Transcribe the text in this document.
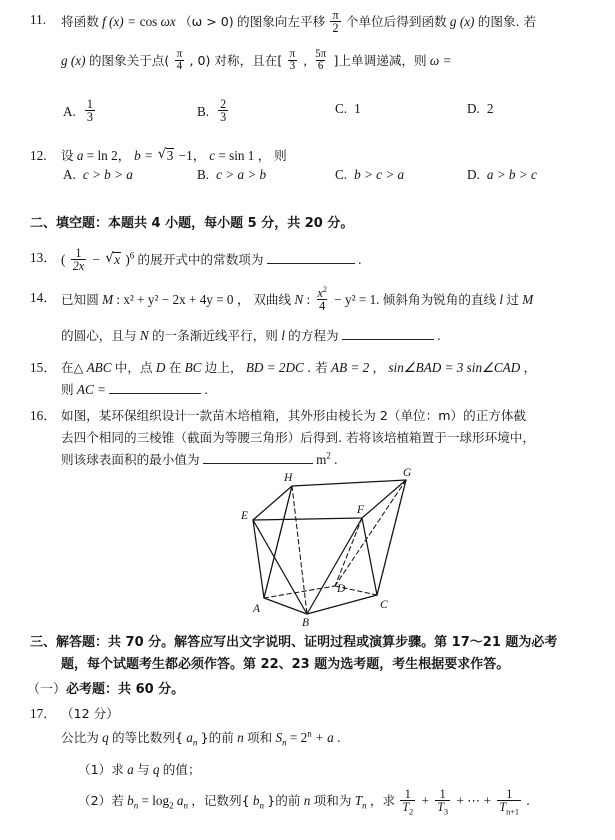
11.	将函数 f (x) = cos ωx （ω > 0) 的图象向左平移 $\frac{\pi}{2}$ 个单位后得到函数 g (x) 的图象. 若
g (x) 的图象关于点( $\frac{\pi}{4}$ , 0) 对称，且在[ $\frac{\pi}{3}$ , $\frac{5\pi}{6}$ ]上单调递减，则 ω =
A. $\frac{1}{3}$	B. $\frac{2}{3}$	C. 1	D. 2
12.	设 a = ln 2， b = √ 3 −1， c = sin 1 ， 则
A. c > b > a	B. c > a > b	C. b > c > a	D. a > b > c
二、填空题：本题共 4 小题，每小题 5 分，共 20 分。
13． ( $\frac{1}{2x}$ − √ x )$^6$ 的展开式中的常数项为	.
14． 已知圆 M : x² + y² − 2x + 4y = 0 ， 双曲线 N : $\frac{x^2}{4} - y^2 = 1$. 倾斜角为锐角的直线 l 过 M
的圆心，且与 N 的一条渐近线平行，则 l 的方程为	.
15． 在△ ABC 中，点 D 在 BC 边上， BD = 2DC . 若 AB = 2 ， sin∠BAD = 3 sin∠CAD ，
则 AC =	.
16． 如图，某环保组织设计一款苗木培植箱，其外形由棱长为 2（单位：m）的正方体截
去四个相同的三棱锥（截面为等腰三角形）后得到. 若将该培植箱置于一球形环境中，
则该球表面积的最小值为	$m^2$ .
H	G
E	F
A
B
C
D
三、解答题：共 70 分。解答应写出文字说明、证明过程或演算步骤。第 17～21 题为必考
题，每个试题考生都必须作答。第 22、23 题为选考题，考生根据要求作答。
（一）必考题：共 60 分。
17． （12 分）
公比为 q 的等比数列{ $a_n$ }的前 n 项和 $S_n = 2^n + a$ .
（1）求 a 与 q 的值；
（2）若 $b_n = \log_2 a_n$ ，记数列{ $b_n$ }的前 n 项和为 $T_n$ ，求 $\frac{1}{T_2} + \frac{1}{T_3}$ + ⋯ + $\frac{1}{T_{n+1}}$ .
